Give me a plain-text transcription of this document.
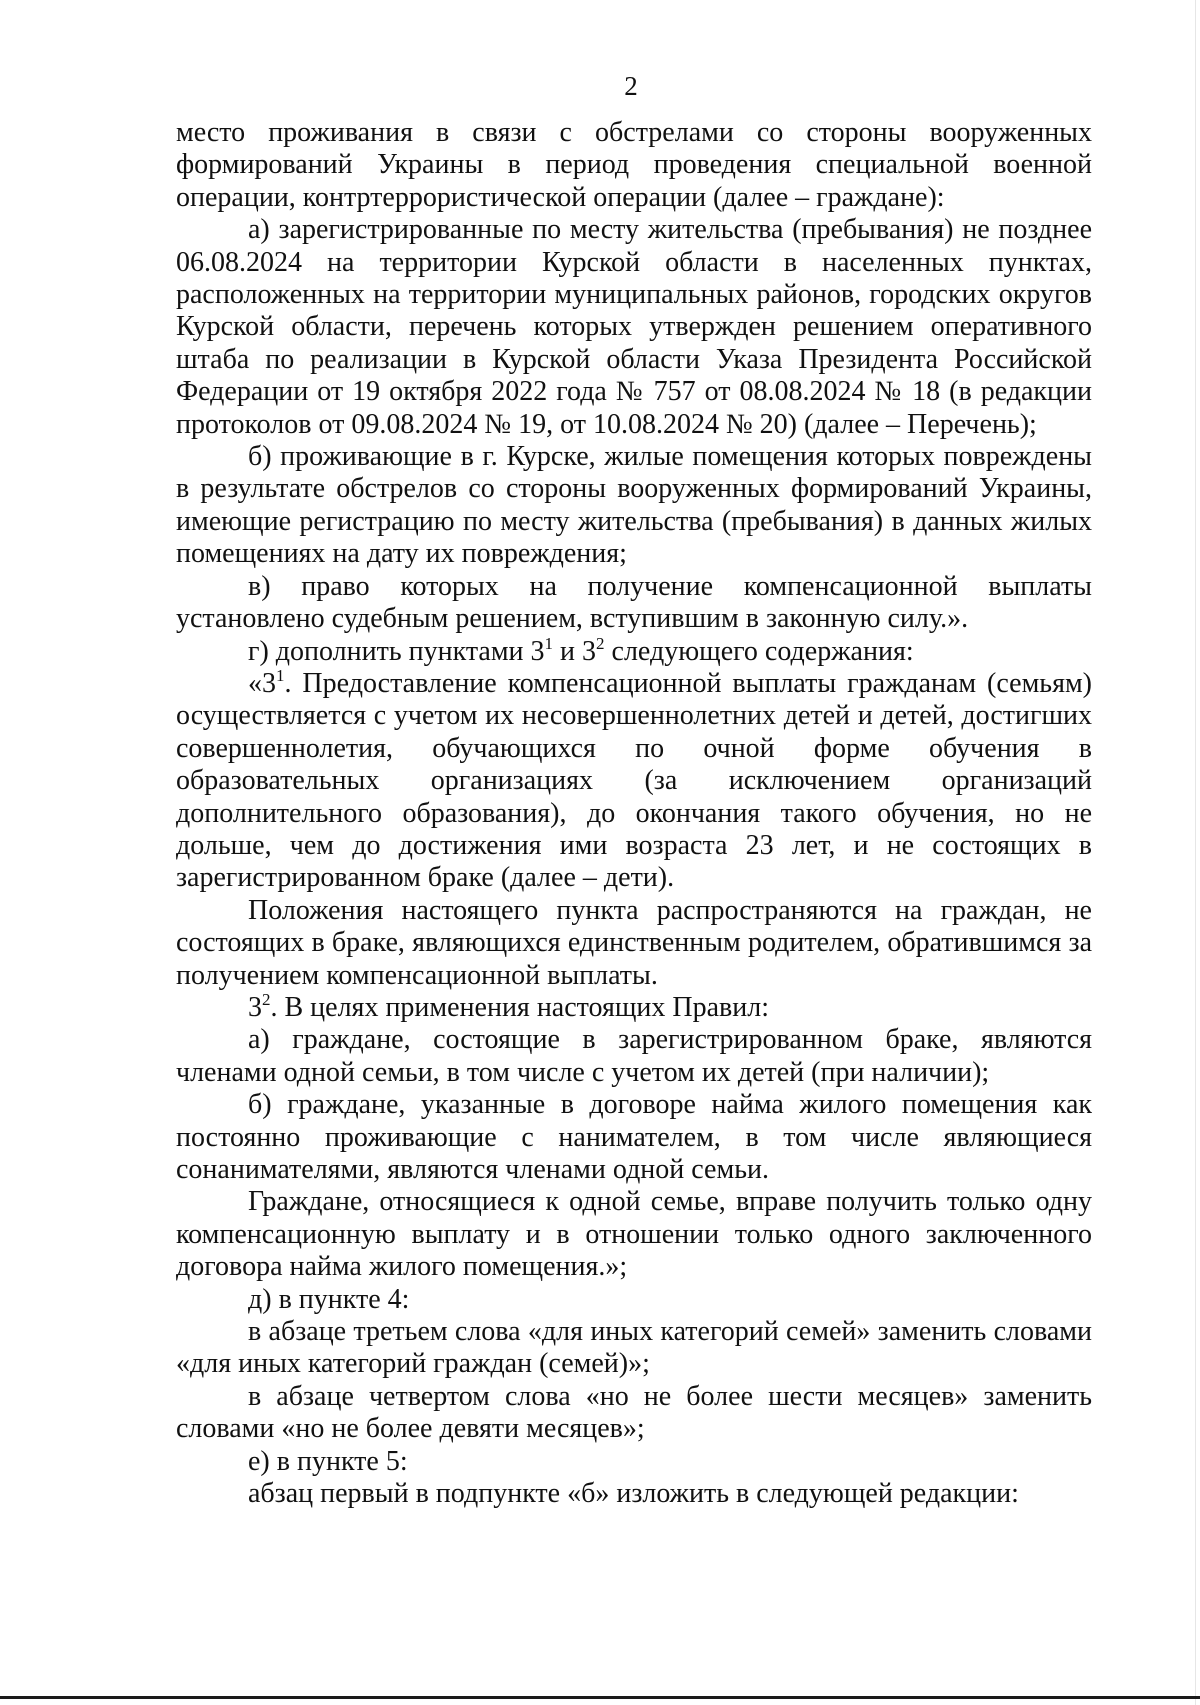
2

место проживания в связи с обстрелами со стороны вооруженных формирований Украины в период проведения специальной военной операции, контртеррористической операции (далее – граждане):

а) зарегистрированные по месту жительства (пребывания) не позднее 06.08.2024 на территории Курской области в населенных пунктах, расположенных на территории муниципальных районов, городских округов Курской области, перечень которых утвержден решением оперативного штаба по реализации в Курской области Указа Президента Российской Федерации от 19 октября 2022 года № 757 от 08.08.2024 № 18 (в редакции протоколов от 09.08.2024 № 19, от 10.08.2024 № 20) (далее – Перечень);

б) проживающие в г. Курске, жилые помещения которых повреждены в результате обстрелов со стороны вооруженных формирований Украины, имеющие регистрацию по месту жительства (пребывания) в данных жилых помещениях на дату их повреждения;

в) право которых на получение компенсационной выплаты установлено судебным решением, вступившим в законную силу.».

г) дополнить пунктами $3^1$ и $3^2$ следующего содержания:

«$3^1$. Предоставление компенсационной выплаты гражданам (семьям) осуществляется с учетом их несовершеннолетних детей и детей, достигших совершеннолетия, обучающихся по очной форме обучения в образовательных организациях (за исключением организаций дополнительного образования), до окончания такого обучения, но не дольше, чем до достижения ими возраста 23 лет, и не состоящих в зарегистрированном браке (далее – дети).

Положения настоящего пункта распространяются на граждан, не состоящих в браке, являющихся единственным родителем, обратившимся за получением компенсационной выплаты.

$3^2$. В целях применения настоящих Правил:

а) граждане, состоящие в зарегистрированном браке, являются членами одной семьи, в том числе с учетом их детей (при наличии);

б) граждане, указанные в договоре найма жилого помещения как постоянно проживающие с нанимателем, в том числе являющиеся сонанимателями, являются членами одной семьи.

Граждане, относящиеся к одной семье, вправе получить только одну компенсационную выплату и в отношении только одного заключенного договора найма жилого помещения.»;

д) в пункте 4:

в абзаце третьем слова «для иных категорий семей» заменить словами «для иных категорий граждан (семей)»;

в абзаце четвертом слова «но не более шести месяцев» заменить словами «но не более девяти месяцев»;

е) в пункте 5:

абзац первый в подпункте «б» изложить в следующей редакции:
